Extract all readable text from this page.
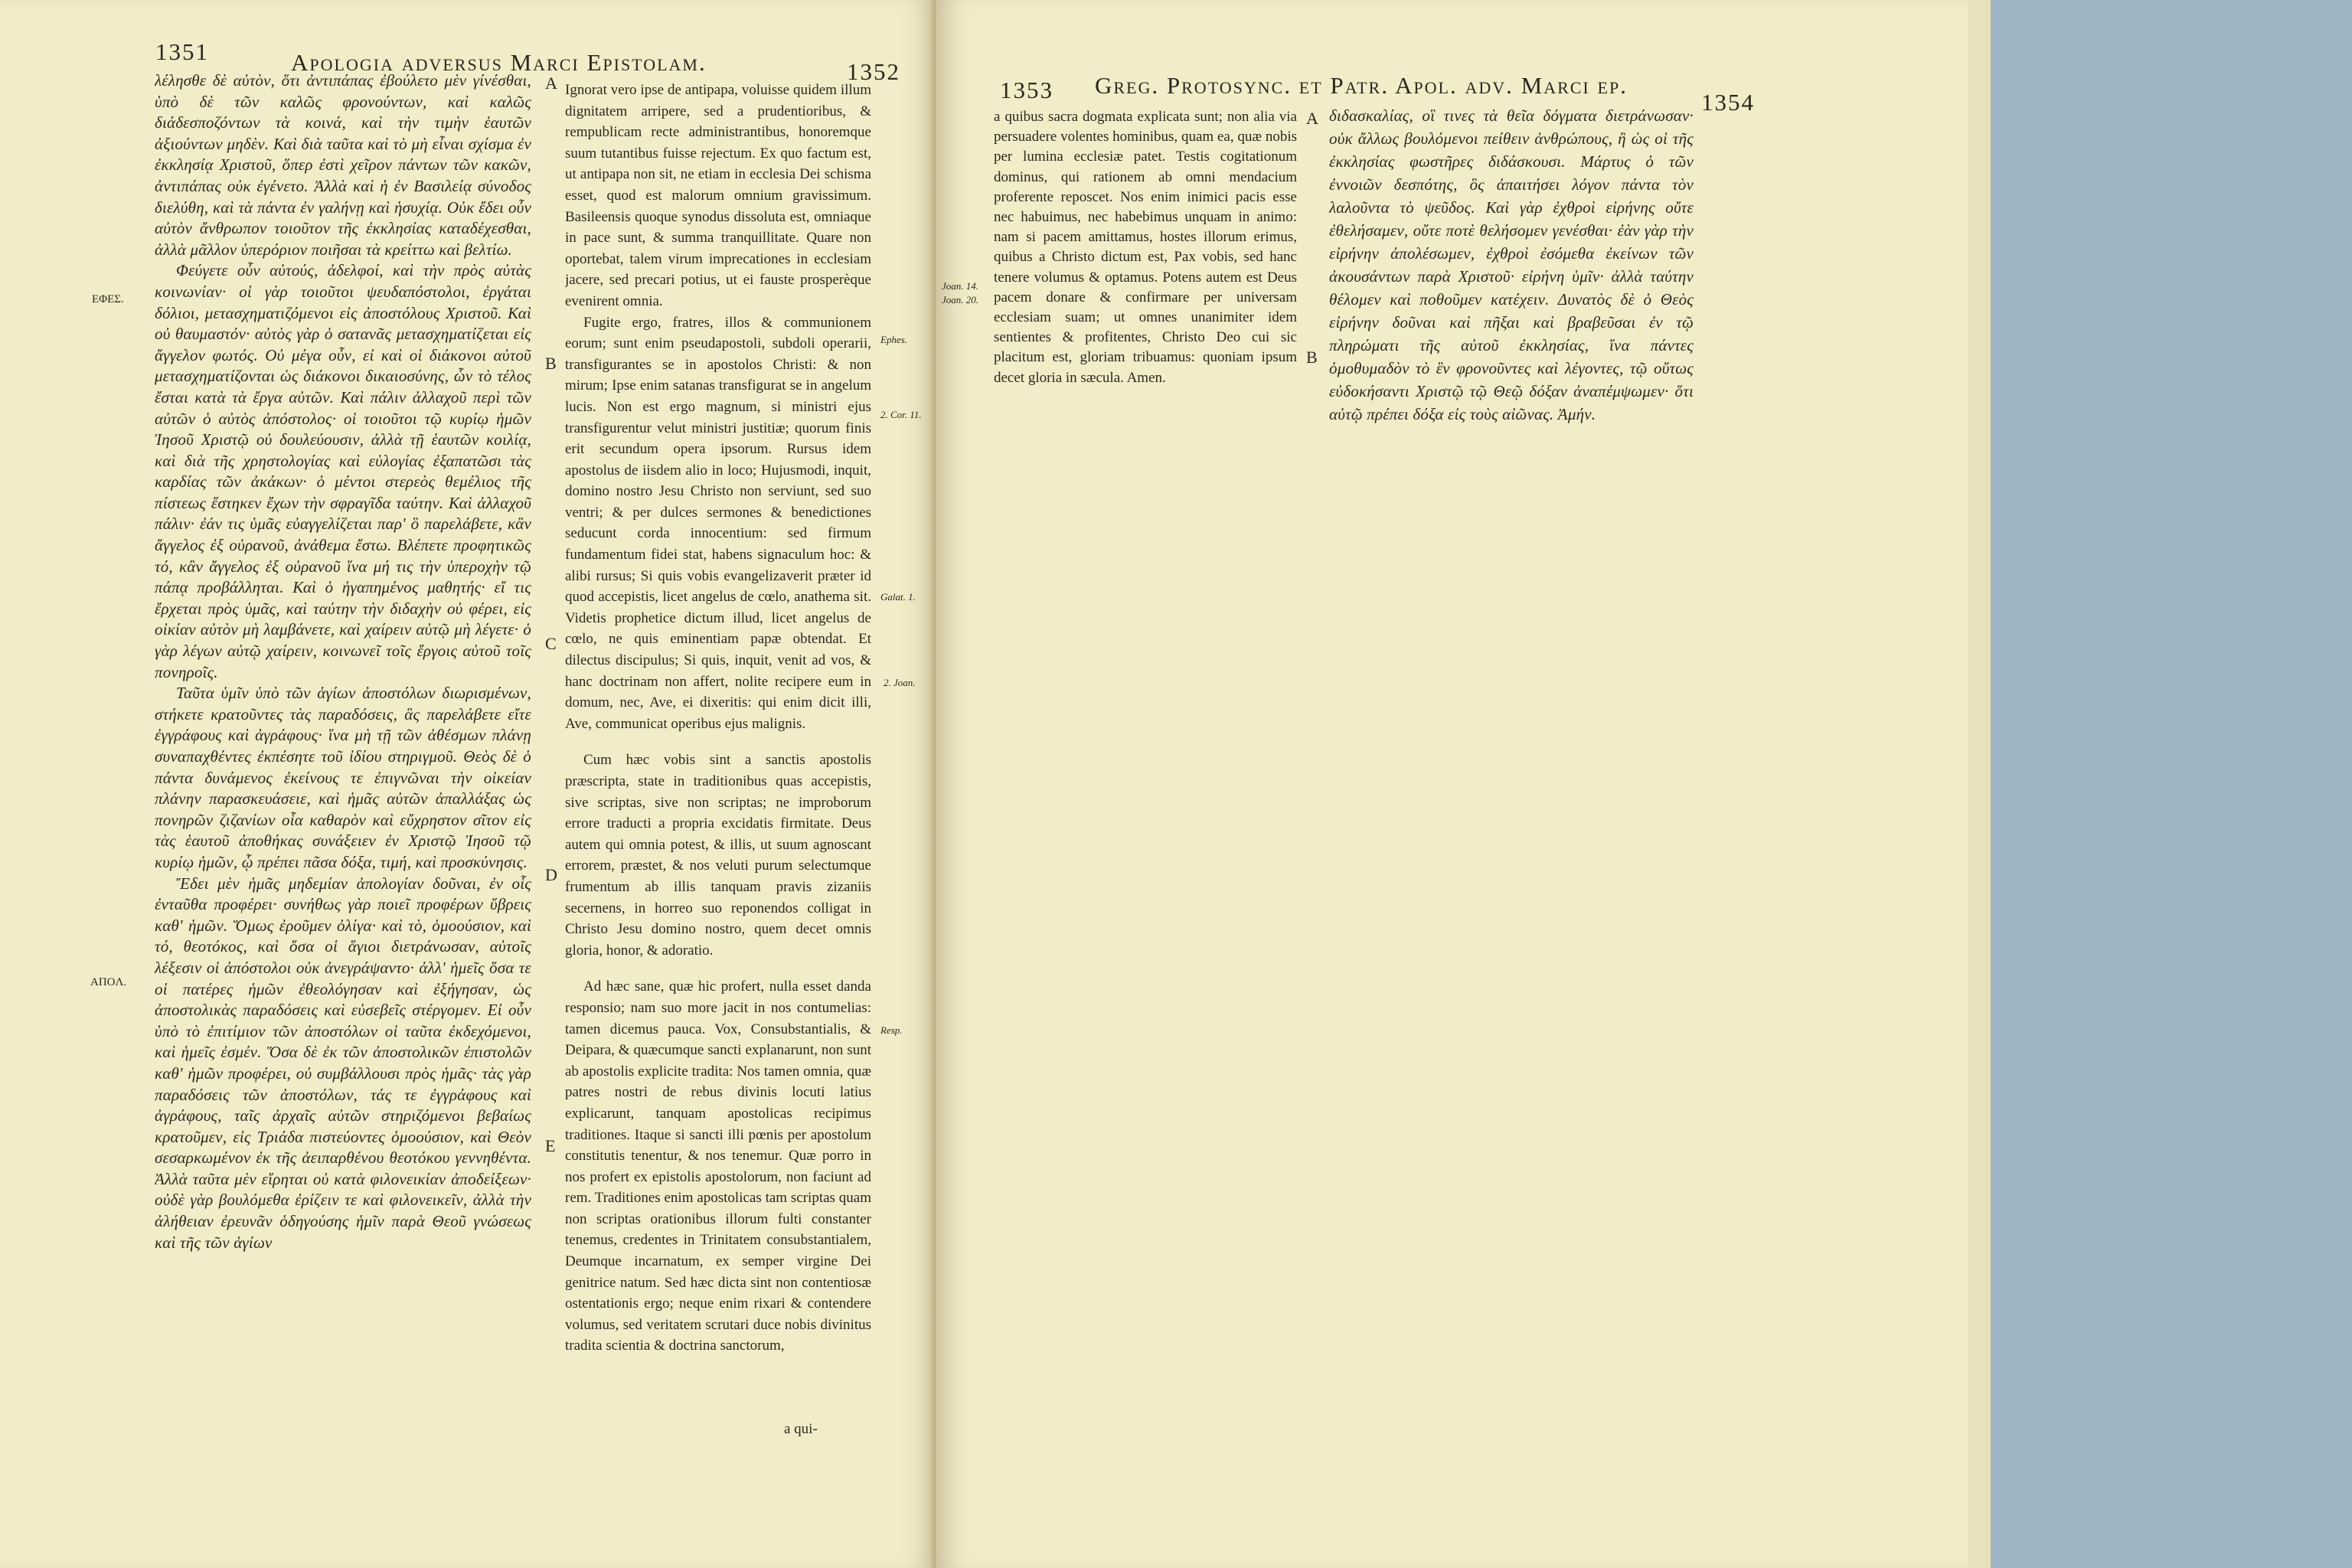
1351	Apologia adversus Marci Epistolam.	1352

λέλησθε δὲ αὐτὸν, ὅτι ἀντιπάπας ἐβούλετο μὲν γίνέσθαι, ὑπὸ δὲ τῶν καλῶς φρονούντων, καὶ καλῶς διάδεσποζόντων τὰ κοινά, καὶ τὴν τιμὴν ἑαυτῶν ἀξιούντων μηδὲν. Καὶ διὰ ταῦτα καὶ τὸ μὴ εἶναι σχίσμα ἐν ἐκκλησίᾳ Χριστοῦ, ὅπερ ἐστὶ χεῖρον πάντων τῶν κακῶν, ἀντιπάπας οὐκ ἐγένετο. Ἀλλὰ καὶ ἡ ἐν Βασιλείᾳ σύνοδος διελύθη, καὶ τὰ πάντα ἐν γαλήνῃ καὶ ἡσυχίᾳ. Οὐκ ἔδει οὖν αὐτὸν ἄνθρωπον τοιοῦτον τῆς ἐκκλησίας καταδέχεσθαι, ἀλλὰ μᾶλλον ὑπερόριον ποιῆσαι τὰ κρείττω καὶ βελτίω.

Φεύγετε οὖν αὐτούς, ἀδελφοί, καὶ τὴν πρὸς αὐτὰς κοινωνίαν· οἱ γὰρ τοιοῦτοι ψευδαπόστολοι, ἐργάται δόλιοι, μετασχηματιζόμενοι εἰς ἀποστόλους Χριστοῦ. Καὶ οὐ θαυμαστόν· αὐτὸς γὰρ ὁ σατανᾶς μετασχηματίζεται εἰς ἄγγελον φωτός. Οὐ μέγα οὖν, εἰ καὶ οἱ διάκονοι αὐτοῦ μετασχηματίζονται ὡς διάκονοι δικαιοσύνης, ὧν τὸ τέλος ἔσται κατὰ τὰ ἔργα αὐτῶν. Καὶ πάλιν ἀλλαχοῦ περὶ τῶν αὐτῶν ὁ αὐτὸς ἀπόστολος· οἱ τοιοῦτοι τῷ κυρίῳ ἡμῶν Ἰησοῦ Χριστῷ οὐ δουλεύουσιν, ἀλλὰ τῇ ἑαυτῶν κοιλίᾳ, καὶ διὰ τῆς χρηστολογίας καὶ εὐλογίας ἐξαπατῶσι τὰς καρδίας τῶν ἀκάκων· ὁ μέντοι στερεὸς θεμέλιος τῆς πίστεως ἕστηκεν ἔχων τὴν σφραγῖδα ταύτην. Καὶ ἀλλαχοῦ πάλιν· ἐάν τις ὑμᾶς εὐαγγελίζεται παρ' ὃ παρελάβετε, κἂν ἄγγελος ἐξ οὐρανοῦ, ἀνάθεμα ἔστω. Βλέπετε προφητικῶς τό, κἂν ἄγγελος ἐξ οὐρανοῦ ἵνα μή τις τὴν ὑπεροχὴν τῷ πάπᾳ προβάλληται. Καὶ ὁ ἠγαπημένος μαθητής· εἴ τις ἔρχεται πρὸς ὑμᾶς, καὶ ταύτην τὴν διδαχὴν οὐ φέρει, εἰς οἰκίαν αὐτὸν μὴ λαμβάνετε, καὶ χαίρειν αὐτῷ μὴ λέγετε· ὁ γὰρ λέγων αὐτῷ χαίρειν, κοινωνεῖ τοῖς ἔργοις αὐτοῦ τοῖς πονηροῖς.

Ταῦτα ὑμῖν ὑπὸ τῶν ἁγίων ἀποστόλων διωρισμένων, στήκετε κρατοῦντες τὰς παραδόσεις, ἃς παρελάβετε εἴτε ἐγγράφους καὶ ἀγράφους· ἵνα μὴ τῇ τῶν ἀθέσμων πλάνῃ συναπαχθέντες ἐκπέσητε τοῦ ἰδίου στηριγμοῦ. Θεὸς δὲ ὁ πάντα δυνάμενος ἐκείνους τε ἐπιγνῶναι τὴν οἰκείαν πλάνην παρασκευάσειε, καὶ ἡμᾶς αὐτῶν ἀπαλλάξας ὡς πονηρῶν ζιζανίων οἷα καθαρὸν καὶ εὔχρηστον σῖτον εἰς τὰς ἑαυτοῦ ἀποθήκας συνάξειεν ἐν Χριστῷ Ἰησοῦ τῷ κυρίῳ ἡμῶν, ᾧ πρέπει πᾶσα δόξα, τιμή, καὶ προσκύνησις.

Ἔδει μὲν ἡμᾶς μηδεμίαν ἀπολογίαν δοῦναι, ἐν οἷς ἐνταῦθα προφέρει· συνήθως γὰρ ποιεῖ προφέρων ὕβρεις καθ' ἡμῶν. Ὅμως ἐροῦμεν ὀλίγα· καὶ τὸ, ὁμοούσιον, καὶ τό, θεοτόκος, καὶ ὅσα οἱ ἅγιοι διετράνωσαν, αὐτοῖς λέξεσιν οἱ ἀπόστολοι οὐκ ἀνεγράψαντο· ἀλλ' ἡμεῖς ὅσα τε οἱ πατέρες ἡμῶν ἐθεολόγησαν καὶ ἐξήγησαν, ὡς ἀποστολικὰς παραδόσεις καὶ εὐσεβεῖς στέργομεν. Εἰ οὖν ὑπὸ τὸ ἐπιτίμιον τῶν ἀποστόλων οἱ ταῦτα ἐκδεχόμενοι, καὶ ἡμεῖς ἐσμέν. Ὅσα δὲ ἐκ τῶν ἀποστολικῶν ἐπιστολῶν καθ' ἡμῶν προφέρει, οὐ συμβάλλουσι πρὸς ἡμᾶς· τὰς γὰρ παραδόσεις τῶν ἀποστόλων, τάς τε ἐγγράφους καὶ ἀγράφους, ταῖς ἀρχαῖς αὐτῶν στηριζόμενοι βεβαίως κρατοῦμεν, εἰς Τριάδα πιστεύοντες ὁμοούσιον, καὶ Θεὸν σεσαρκωμένον ἐκ τῆς ἀειπαρθένου θεοτόκου γεννηθέντα. Ἀλλὰ ταῦτα μὲν εἴρηται οὐ κατὰ φιλονεικίαν ἀποδείξεων· οὐδὲ γὰρ βουλόμεθα ἐρίζειν τε καὶ φιλονεικεῖν, ἀλλὰ τὴν ἀλήθειαν ἐρευνᾶν ὁδηγούσης ἡμῖν παρὰ Θεοῦ γνώσεως καὶ τῆς τῶν ἁγίων

A
B
C
D
E

Ignorat vero ipse de antipapa, voluisse quidem illum dignitatem arripere, sed a prudentioribus, & rempublicam recte administrantibus, honoremque suum tutantibus fuisse rejectum. Ex quo factum est, ut antipapa non sit, ne etiam in ecclesia Dei schisma esset, quod est malorum omnium gravissimum. Basileensis quoque synodus dissoluta est, omniaque in pace sunt, & summa tranquillitate. Quare non oportebat, talem virum imprecationes in ecclesiam jacere, sed precari potius, ut ei fauste prosperèque evenirent omnia.

Fugite ergo, fratres, illos & communionem eorum; sunt enim pseudapostoli, subdoli operarii, transfigurantes se in apostolos Christi: & non mirum; Ipse enim satanas transfigurat se in angelum lucis. Non est ergo magnum, si ministri ejus transfigurentur velut ministri justitiæ; quorum finis erit secundum opera ipsorum. Rursus idem apostolus de iisdem alio in loco; Hujusmodi, inquit, domino nostro Jesu Christo non serviunt, sed suo ventri; & per dulces sermones & benedictiones seducunt corda innocentium: sed firmum fundamentum fidei stat, habens signaculum hoc: & alibi rursus; Si quis vobis evangelizaverit præter id quod accepistis, licet angelus de cœlo, anathema sit. Videtis prophetice dictum illud, licet angelus de cœlo, ne quis eminentiam papæ obtendat. Et dilectus discipulus; Si quis, inquit, venit ad vos, & hanc doctrinam non affert, nolite recipere eum in domum, nec, Ave, ei dixeritis: qui enim dicit illi, Ave, communicat operibus ejus malignis.

Cum hæc vobis sint a sanctis apostolis præscripta, state in traditionibus quas accepistis, sive scriptas, sive non scriptas; ne improborum errore traducti a propria excidatis firmitate. Deus autem qui omnia potest, & illis, ut suum agnoscant errorem, præstet, & nos veluti purum selectumque frumentum ab illis tanquam pravis zizaniis secernens, in horreo suo reponendos colligat in Christo Jesu domino nostro, quem decet omnis gloria, honor, & adoratio.

Ad hæc sane, quæ hic profert, nulla esset danda responsio; nam suo more jacit in nos contumelias: tamen dicemus pauca. Vox, Consubstantialis, & Deipara, & quæcumque sancti explanarunt, non sunt ab apostolis explicite tradita: Nos tamen omnia, quæ patres nostri de rebus divinis locuti latius explicarunt, tanquam apostolicas recipimus traditiones. Itaque si sancti illi pœnis per apostolum constitutis tenentur, & nos tenemur. Quæ porro in nos profert ex epistolis apostolorum, non faciunt ad rem. Traditiones enim apostolicas tam scriptas quam non scriptas orationibus illorum fulti constanter tenemus, credentes in Trinitatem consubstantialem, Deumque incarnatum, ex semper virgine Dei genitrice natum. Sed hæc dicta sint non contentiosæ ostentationis ergo; neque enim rixari & contendere volumus, sed veritatem scrutari duce nobis divinitus tradita scientia & doctrina sanctorum,

a qui-
EΦEΣ.
AΠOΛ.
Ephes.
2. Cor. 11.
Galat. 1.
2. Joan.
Resp.
1353 Greg. Protosync. et Patr. Apol. adv. Marci ep.
1354

a quibus sacra dogmata explicata sunt; non alia via persuadere volentes hominibus, quam ea, quæ nobis per lumina ecclesiæ patet. Testis cogitationum dominus, qui rationem ab omni mendacium proferente reposcet. Nos enim inimici pacis esse nec habuimus, nec habebimus unquam in animo: nam si pacem amittamus, hostes illorum erimus, quibus a Christo dictum est, Pax vobis, sed hanc tenere volumus & optamus. Potens autem est Deus pacem donare & confirmare per universam ecclesiam suam; ut omnes unanimiter idem sentientes & profitentes, Christo Deo cui sic placitum est, gloriam tribuamus: quoniam ipsum decet gloria in sæcula. Amen.

A
B
Joan. 14.
Joan. 20.

διδασκαλίας, οἳ τινες τὰ θεῖα δόγματα διετράνωσαν· οὐκ ἄλλως βουλόμενοι πείθειν ἀνθρώπους, ἢ ὡς οἱ τῆς ἐκκλησίας φωστῆρες διδάσκουσι. Μάρτυς ὁ τῶν ἐννοιῶν δεσπότης, ὃς ἀπαιτήσει λόγον πάντα τὸν λαλοῦντα τὸ ψεῦδος. Καὶ γὰρ ἐχθροὶ εἰρήνης οὔτε ἐθελήσαμεν, οὔτε ποτὲ θελήσομεν γενέσθαι· ἐὰν γὰρ τὴν εἰρήνην ἀπολέσωμεν, ἐχθροὶ ἐσόμεθα ἐκείνων τῶν ἀκουσάντων παρὰ Χριστοῦ· εἰρήνη ὑμῖν· ἀλλὰ ταύτην θέλομεν καὶ ποθοῦμεν κατέχειν. Δυνατὸς δὲ ὁ Θεὸς εἰρήνην δοῦναι καὶ πῆξαι καὶ βραβεῦσαι ἐν τῷ πληρώματι τῆς αὐτοῦ ἐκκλησίας, ἵνα πάντες ὁμοθυμαδὸν τὸ ἓν φρονοῦντες καὶ λέγοντες, τῷ οὕτως εὐδοκήσαντι Χριστῷ τῷ Θεῷ δόξαν ἀναπέμψωμεν· ὅτι αὐτῷ πρέπει δόξα εἰς τοὺς αἰῶνας. Ἀμήν.
